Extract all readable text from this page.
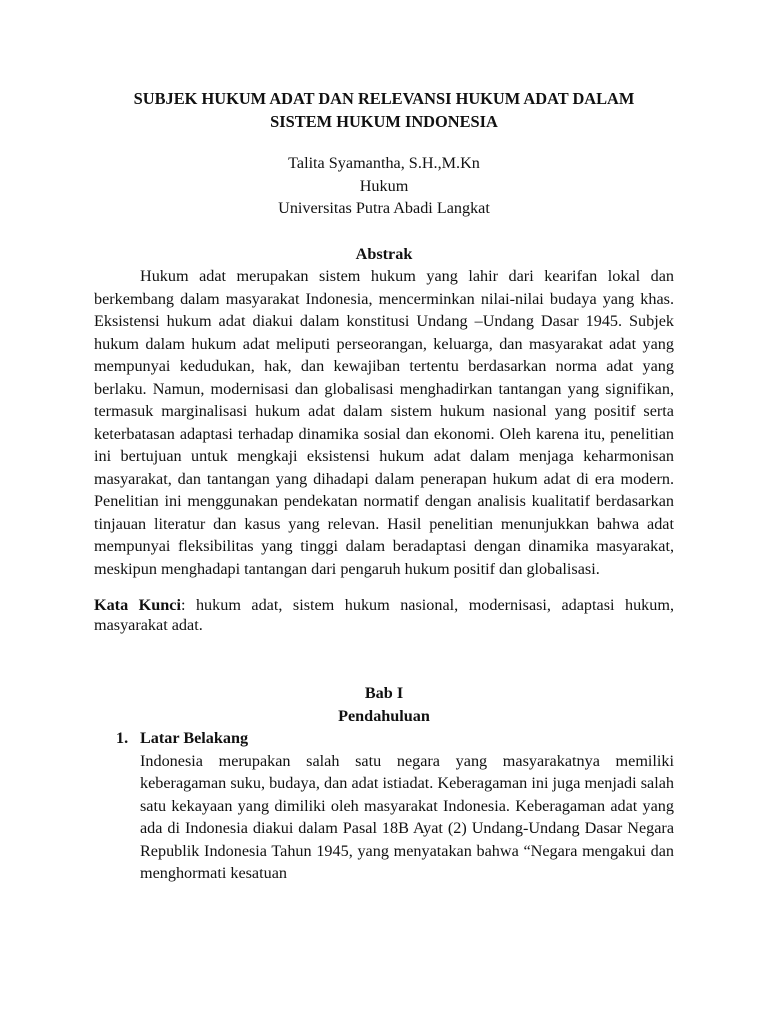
SUBJEK HUKUM ADAT DAN RELEVANSI HUKUM ADAT DALAM
SISTEM HUKUM INDONESIA
Talita Syamantha, S.H.,M.Kn
Hukum
Universitas Putra Abadi Langkat
Abstrak

Hukum adat merupakan sistem hukum yang lahir dari kearifan lokal dan berkembang dalam masyarakat Indonesia, mencerminkan nilai-nilai budaya yang khas. Eksistensi hukum adat diakui dalam konstitusi Undang –Undang Dasar 1945. Subjek hukum dalam hukum adat meliputi perseorangan, keluarga, dan masyarakat adat yang mempunyai kedudukan, hak, dan kewajiban tertentu berdasarkan norma adat yang berlaku. Namun, modernisasi dan globalisasi menghadirkan tantangan yang signifikan, termasuk marginalisasi hukum adat dalam sistem hukum nasional yang positif serta keterbatasan adaptasi terhadap dinamika sosial dan ekonomi. Oleh karena itu, penelitian ini bertujuan untuk mengkaji eksistensi hukum adat dalam menjaga keharmonisan masyarakat, dan tantangan yang dihadapi dalam penerapan hukum adat di era modern. Penelitian ini menggunakan pendekatan normatif dengan analisis kualitatif berdasarkan tinjauan literatur dan kasus yang relevan. Hasil penelitian menunjukkan bahwa adat mempunyai fleksibilitas yang tinggi dalam beradaptasi dengan dinamika masyarakat, meskipun menghadapi tantangan dari pengaruh hukum positif dan globalisasi.

Kata Kunci: hukum adat, sistem hukum nasional, modernisasi, adaptasi hukum, masyarakat adat.
Bab I
Pendahuluan
1. Latar Belakang

Indonesia merupakan salah satu negara yang masyarakatnya memiliki keberagaman suku, budaya, dan adat istiadat. Keberagaman ini juga menjadi salah satu kekayaan yang dimiliki oleh masyarakat Indonesia. Keberagaman adat yang ada di Indonesia diakui dalam Pasal 18B Ayat (2) Undang-Undang Dasar Negara Republik Indonesia Tahun 1945, yang menyatakan bahwa “Negara mengakui dan menghormati kesatuan
